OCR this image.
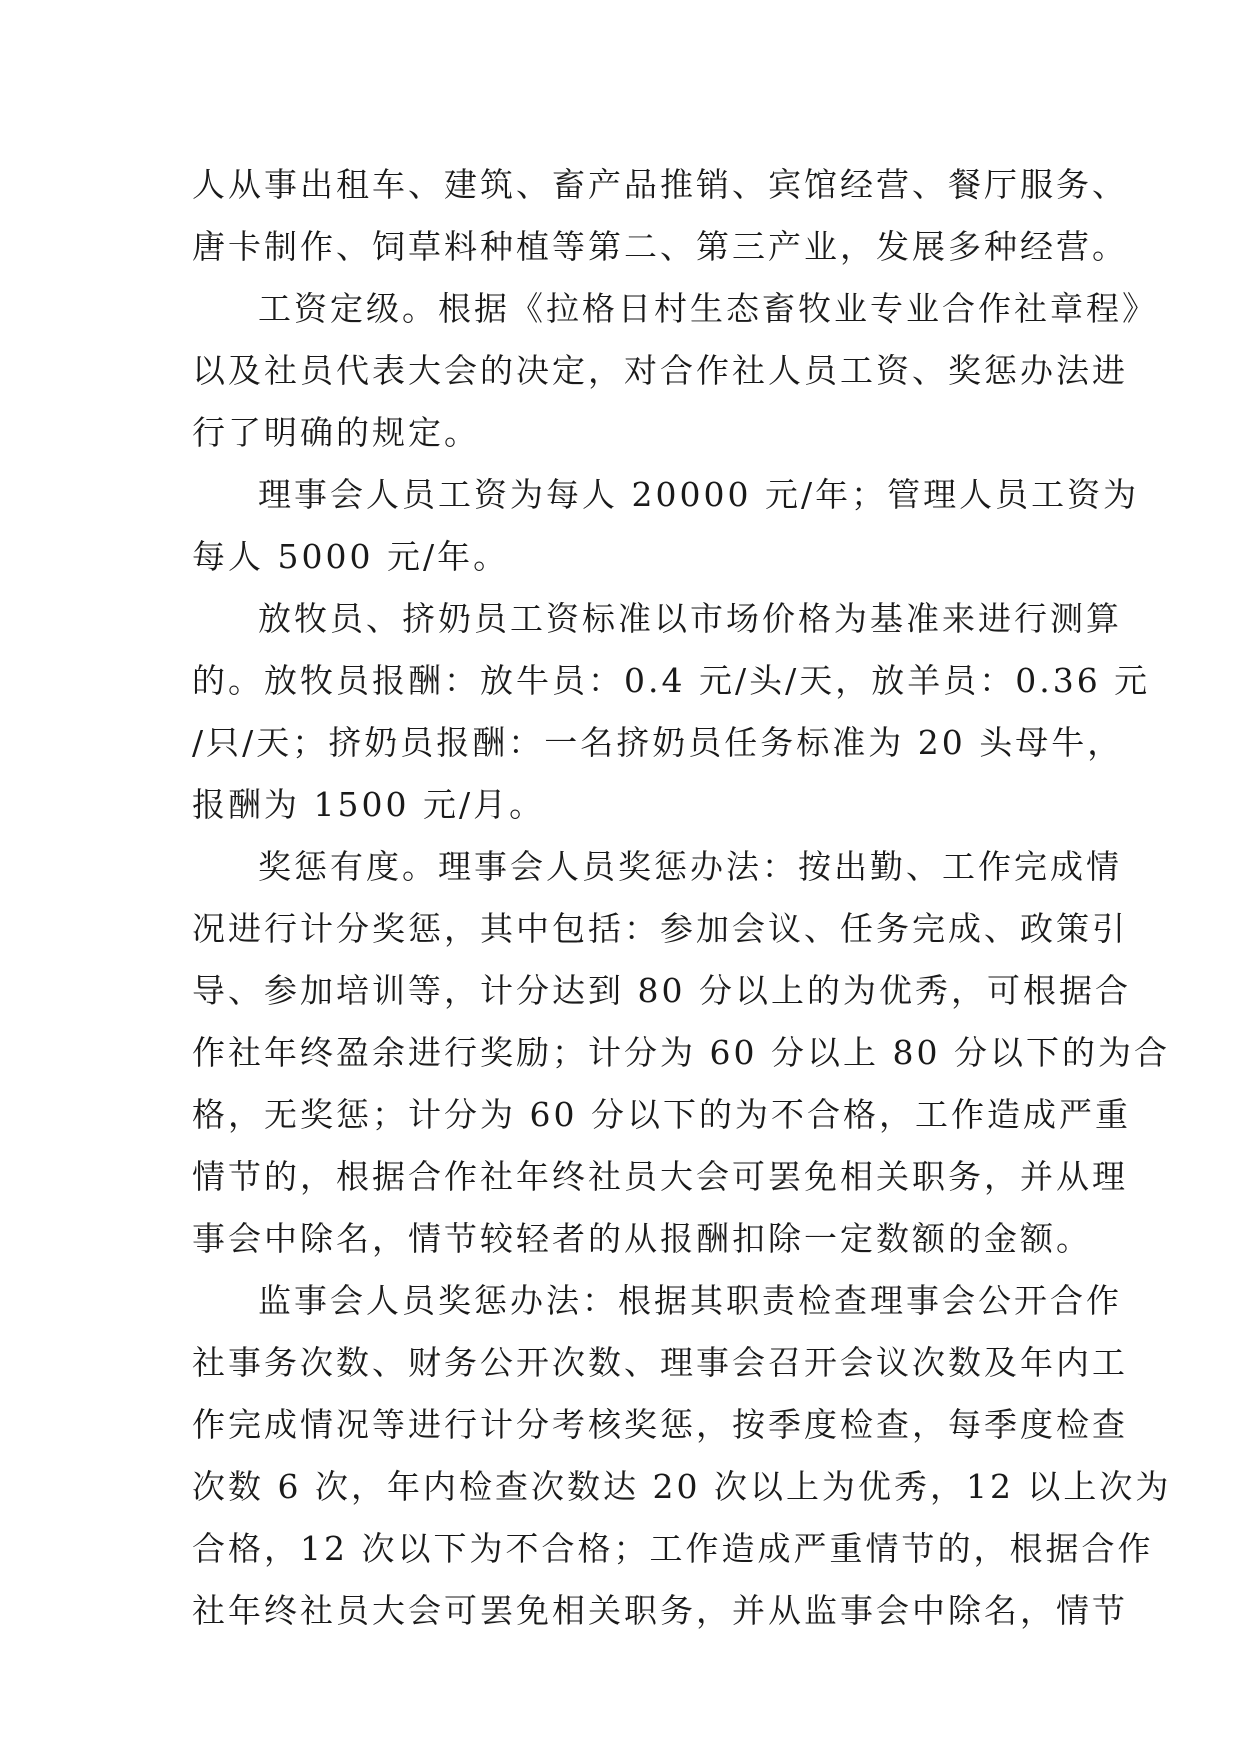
人从事出租车、建筑、畜产品推销、宾馆经营、餐厅服务、
唐卡制作、饲草料种植等第二、第三产业，发展多种经营。
工资定级。根据《拉格日村生态畜牧业专业合作社章程》
以及社员代表大会的决定，对合作社人员工资、奖惩办法进
行了明确的规定。
理事会人员工资为每人 20000 元/年；管理人员工资为
每人 5000 元/年。
放牧员、挤奶员工资标准以市场价格为基准来进行测算
的。放牧员报酬：放牛员：0.4 元/头/天，放羊员：0.36 元
/只/天；挤奶员报酬：一名挤奶员任务标准为 20 头母牛，
报酬为 1500 元/月。
奖惩有度。理事会人员奖惩办法：按出勤、工作完成情
况进行计分奖惩，其中包括：参加会议、任务完成、政策引
导、参加培训等，计分达到 80 分以上的为优秀，可根据合
作社年终盈余进行奖励；计分为 60 分以上 80 分以下的为合
格，无奖惩；计分为 60 分以下的为不合格，工作造成严重
情节的，根据合作社年终社员大会可罢免相关职务，并从理
事会中除名，情节较轻者的从报酬扣除一定数额的金额。
监事会人员奖惩办法：根据其职责检查理事会公开合作
社事务次数、财务公开次数、理事会召开会议次数及年内工
作完成情况等进行计分考核奖惩，按季度检查，每季度检查
次数 6 次，年内检查次数达 20 次以上为优秀，12 以上次为
合格，12 次以下为不合格；工作造成严重情节的，根据合作
社年终社员大会可罢免相关职务，并从监事会中除名，情节
